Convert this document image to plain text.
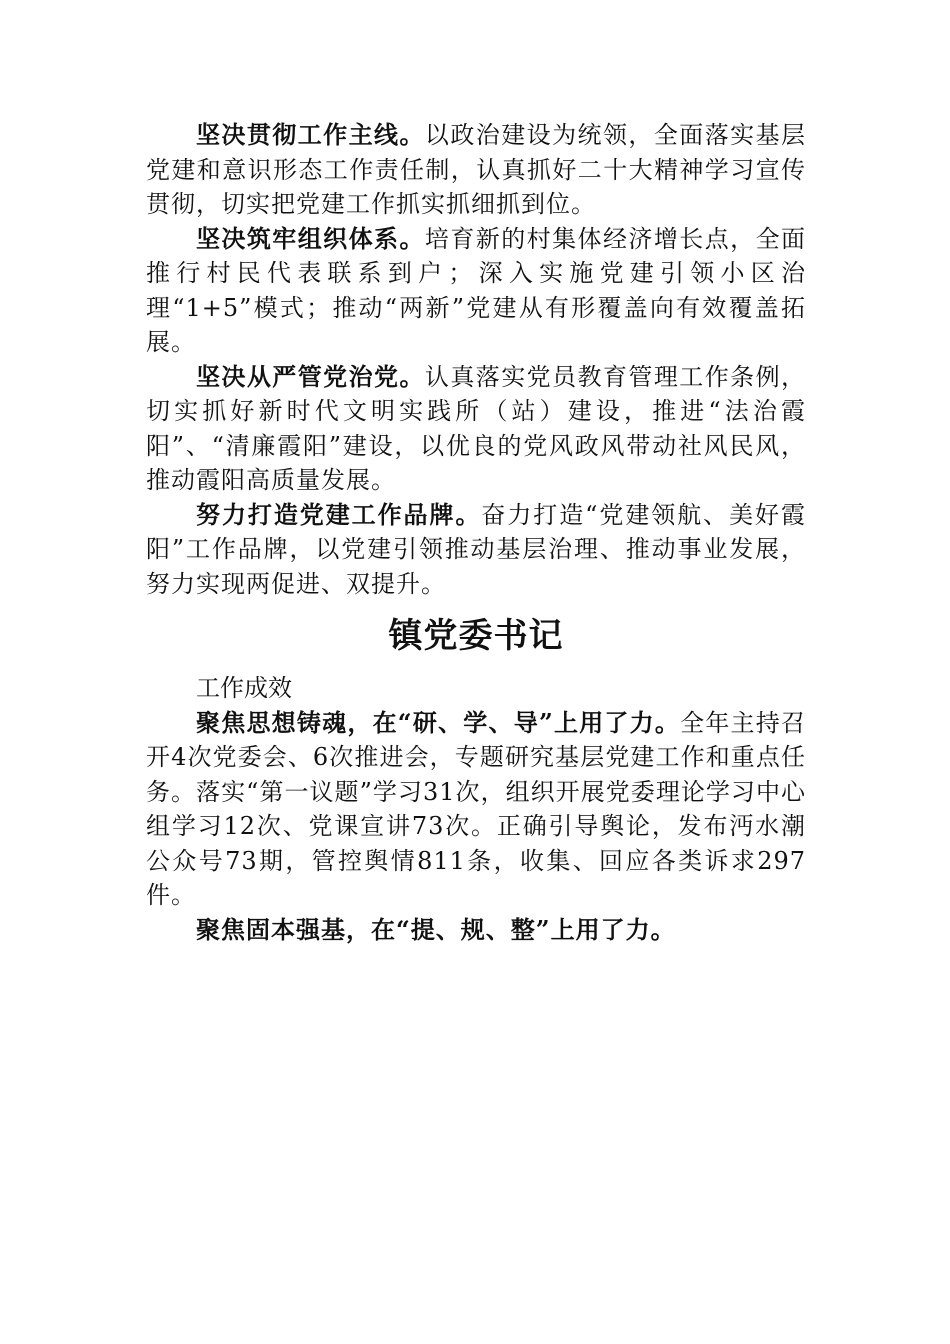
坚决贯彻工作主线。以政治建设为统领，全面落实基层党建和意识形态工作责任制，认真抓好二十大精神学习宣传贯彻，切实把党建工作抓实抓细抓到位。

坚决筑牢组织体系。培育新的村集体经济增长点，全面推行村民代表联系到户；深入实施党建引领小区治理“1+5”模式；推动“两新”党建从有形覆盖向有效覆盖拓展。

坚决从严管党治党。认真落实党员教育管理工作条例，切实抓好新时代文明实践所（站）建设，推进“法治霞阳”、“清廉霞阳”建设，以优良的党风政风带动社风民风，推动霞阳高质量发展。

努力打造党建工作品牌。奋力打造“党建领航、美好霞阳”工作品牌，以党建引领推动基层治理、推动事业发展，努力实现两促进、双提升。

镇党委书记

工作成效

聚焦思想铸魂，在“研、学、导”上用了力。全年主持召开4次党委会、6次推进会，专题研究基层党建工作和重点任务。落实“第一议题”学习31次，组织开展党委理论学习中心组学习12次、党课宣讲73次。正确引导舆论，发布沔水潮公众号73期，管控舆情811条，收集、回应各类诉求297件。

聚焦固本强基，在“提、规、整”上用了力。
